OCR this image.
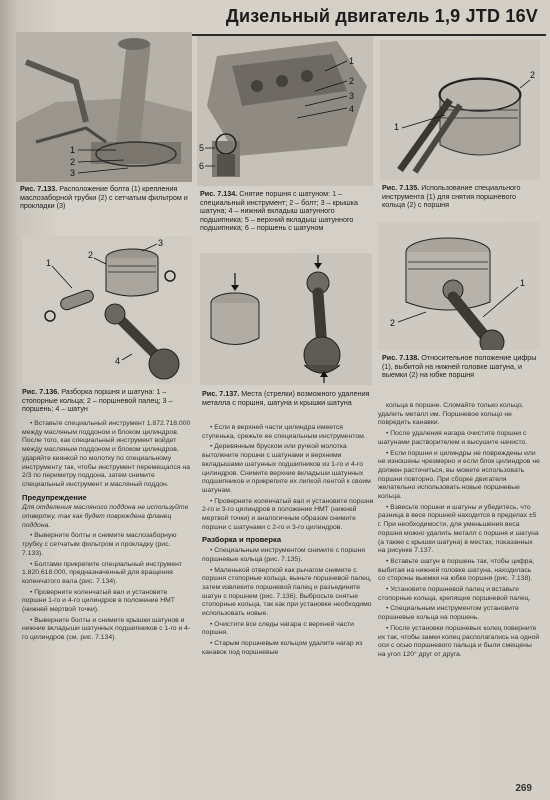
Дизельный двигатель 1,9 JTD 16V
1
2
3
Рис. 7.133. Расположение болта (1) крепления маслозаборной трубки (2) с сетчатым фильтром и прокладки (3)
1
2
3
4
5
6
Рис. 7.134. Снятие поршня с шатуном: 1 – специальный инструмент; 2 – болт; 3 – крышка шатуна; 4 – нижний вкладыш шатунного подшипника; 5 – верхний вкладыш шатунного подшипника; 6 – поршень с шатуном
1
2
Рис. 7.135. Использование специального инструмента (1) для снятия поршневого кольца (2) с поршня
1
2
3
4
Рис. 7.136. Разборка поршня и шатуна: 1 – стопорные кольца; 2 – поршневой палец; 3 – поршень; 4 – шатун
Рис. 7.137. Места (стрелки) возможного удаления металла с поршня, шатуна и крышки шатуна
2
1
Рис. 7.138. Относительное положение цифры (1), выбитой на нижней головке шатуна, и выемки (2) на юбке поршня

• Вставьте специальный инструмент 1.872.718.000 между масляным поддоном и блоком цилиндров. После того, как специальный инструмент войдет между масляным поддоном и блоком цилиндров, ударяйте киянкой по молотку по специальному инструменту так, чтобы инструмент перемещался на 2/3 по периметру поддона, затем снимите специальный инструмент и масляный поддон.

Предупреждение

Для отделения масляного поддона не используйте отвертку, так как будет повреждена фланец поддона.

• Выверните болты и снимите маслозаборную трубку с сетчатым фильтром и прокладку (рис. 7.133).

• Болтами прикрепите специальный инструмент 1.820.618.000, предназначенный для вращения коленчатого вала (рис. 7.134).

• Проверните коленчатый вал и установите поршни 1-го и 4-го цилиндров в положение НМТ (нижней мертвой точки).

• Выверните болты и снимите крышки шатунов и нижние вкладыши шатунных подшипников с 1-го и 4-го цилиндров (см. рис. 7.134).

• Если в верхней части цилиндра имеется ступенька, срежьте ее специальным инструментом.

• Деревянным бруском или ручкой молотка вытолкните поршни с шатунами и верхними вкладышами шатунных подшипников из 1-го и 4-го цилиндров. Снимите верхние вкладыши шатунных подшипников и прикрепите их липкой лентой к своим шатунам.

• Проверните коленчатый вал и установите поршни 2-го и 3-го цилиндров в положение НМТ (нижней мертвой точки) и аналогичным образом снимите поршни с шатунами с 2-го и 3-го цилиндров.

Разборка и проверка

• Специальным инструментом снимите с поршня поршневые кольца (рис. 7.135).

• Маленькой отверткой как рычагом снимите с поршня стопорные кольца, выньте поршневой палец, затем извлеките поршневой палец и разъедините шатун с поршнем (рис. 7.136). Выбросьте снятые стопорные кольца, так как при установке необходимо использовать новые.

• Очистите все следы нагара с верхней части поршня.

• Старым поршневым кольцом удалите нагар из канавок под поршневые

кольца в поршне. Сломайте только кольцо, удалить металл им. Поршневое кольцо не повредить канавки.

• После удаления нагара очистите поршни с шатунами растворителем и высушите начисто.

• Если поршни и цилиндры не повреждены или не изношены чрезмерно и если блок цилиндров не должен расточиться, вы можете использовать поршни повторно. При сборке двигателя желательно использовать новые поршневые кольца.

• Взвесьте поршни и шатуны и убедитесь, что разница в весе поршней находится в пределах ±5 г. При необходимости, для уменьшения веса поршня можно удалить металл с поршня и шатуна (а также с крышки шатуна) в местах, показанных на рисунке 7.137.

• Вставьте шатун в поршень так, чтобы цифра, выбитая на нижней головке шатуна, находилась со стороны выемки на юбке поршня (рис. 7.138).

• Установите поршневой палец и вставьте стопорные кольца, крепящие поршневой палец.

• Специальным инструментом установите поршневые кольца на поршень.

• После установки поршневых колец поверните их так, чтобы замки колец располагались на одной оси с осью поршневого пальца и были смещены на угол 120° друг от друга.

269
